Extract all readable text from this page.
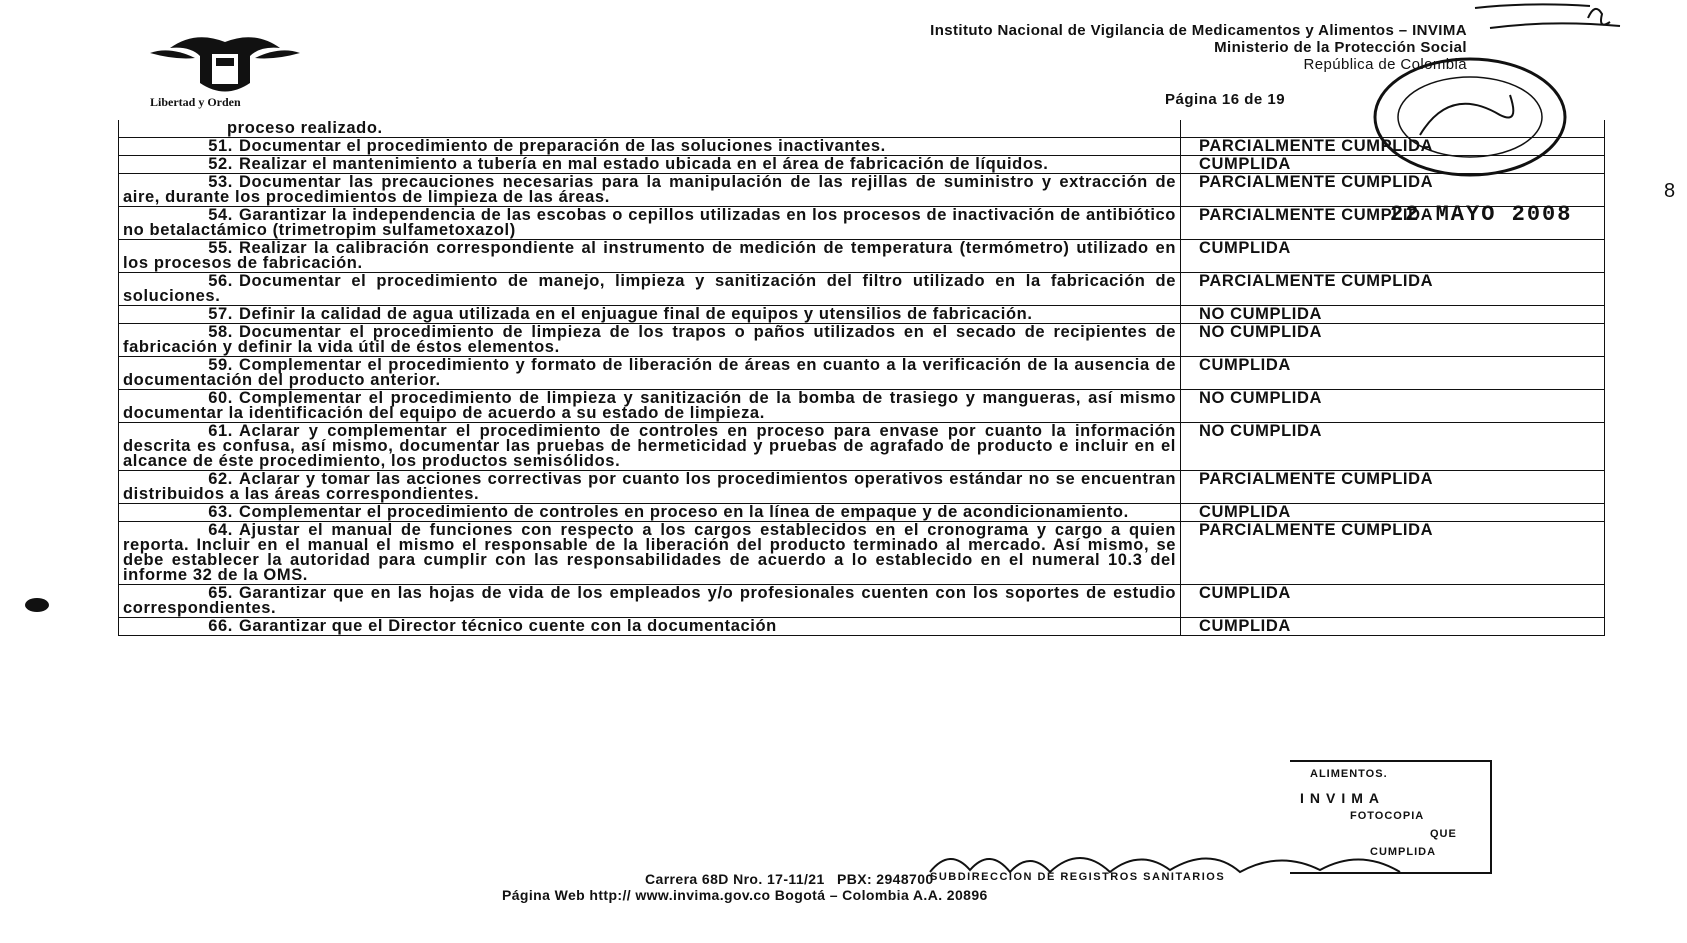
Libertad y Orden
Instituto Nacional de Vigilancia de Medicamentos y Alimentos – INVIMA
Ministerio de la Protección Social
República de Colombia
Página 16 de 19
22 MAYO 2008
8
proceso realizado.	
51. Documentar el procedimiento de preparación de las soluciones inactivantes.	PARCIALMENTE CUMPLIDA
52. Realizar el mantenimiento a tubería en mal estado ubicada en el área de fabricación de líquidos.	CUMPLIDA
53. Documentar las precauciones necesarias para la manipulación de las rejillas de suministro y extracción de aire, durante los procedimientos de limpieza de las áreas.	PARCIALMENTE CUMPLIDA
54. Garantizar la independencia de las escobas o cepillos utilizadas en los procesos de inactivación de antibiótico no betalactámico (trimetropim sulfametoxazol)	PARCIALMENTE CUMPLIDA
55. Realizar la calibración correspondiente al instrumento de medición de temperatura (termómetro) utilizado en los procesos de fabricación.	CUMPLIDA
56. Documentar el procedimiento de manejo, limpieza y sanitización del filtro utilizado en la fabricación de soluciones.	PARCIALMENTE CUMPLIDA
57. Definir la calidad de agua utilizada en el enjuague final de equipos y utensilios de fabricación.	NO CUMPLIDA
58. Documentar el procedimiento de limpieza de los trapos o paños utilizados en el secado de recipientes de fabricación y definir la vida útil de éstos elementos.	NO CUMPLIDA
59. Complementar el procedimiento y formato de liberación de áreas en cuanto a la verificación de la ausencia de documentación del producto anterior.	CUMPLIDA
60. Complementar el procedimiento de limpieza y sanitización de la bomba de trasiego y mangueras, así mismo documentar la identificación del equipo de acuerdo a su estado de limpieza.	NO CUMPLIDA
61. Aclarar y complementar el procedimiento de controles en proceso para envase por cuanto la información descrita es confusa, así mismo, documentar las pruebas de hermeticidad y pruebas de agrafado de producto e incluir en el alcance de éste procedimiento, los productos semisólidos.	NO CUMPLIDA
62. Aclarar y tomar las acciones correctivas por cuanto los procedimientos operativos estándar no se encuentran distribuidos a las áreas correspondientes.	PARCIALMENTE CUMPLIDA
63. Complementar el procedimiento de controles en proceso en la línea de empaque y de acondicionamiento.	CUMPLIDA
64. Ajustar el manual de funciones con respecto a los cargos establecidos en el cronograma y cargo a quien reporta. Incluir en el manual el mismo el responsable de la liberación del producto terminado al mercado. Así mismo, se debe establecer la autoridad para cumplir con las responsabilidades de acuerdo a lo establecido en el numeral 10.3 del informe 32 de la OMS.	PARCIALMENTE CUMPLIDA
65. Garantizar que en las hojas de vida de los empleados y/o profesionales cuenten con los soportes de estudio correspondientes.	CUMPLIDA
66. Garantizar que el Director técnico cuente con la documentación	CUMPLIDA
ALIMENTOS.
INVIMA
FOTOCOPIA
QUE
CUMPLIDA
Carrera 68D Nro. 17-11/21 PBX: 2948700
SUBDIRECCION DE REGISTROS SANITARIOS
Página Web http:// www.invima.gov.co Bogotá – Colombia A.A. 20896
